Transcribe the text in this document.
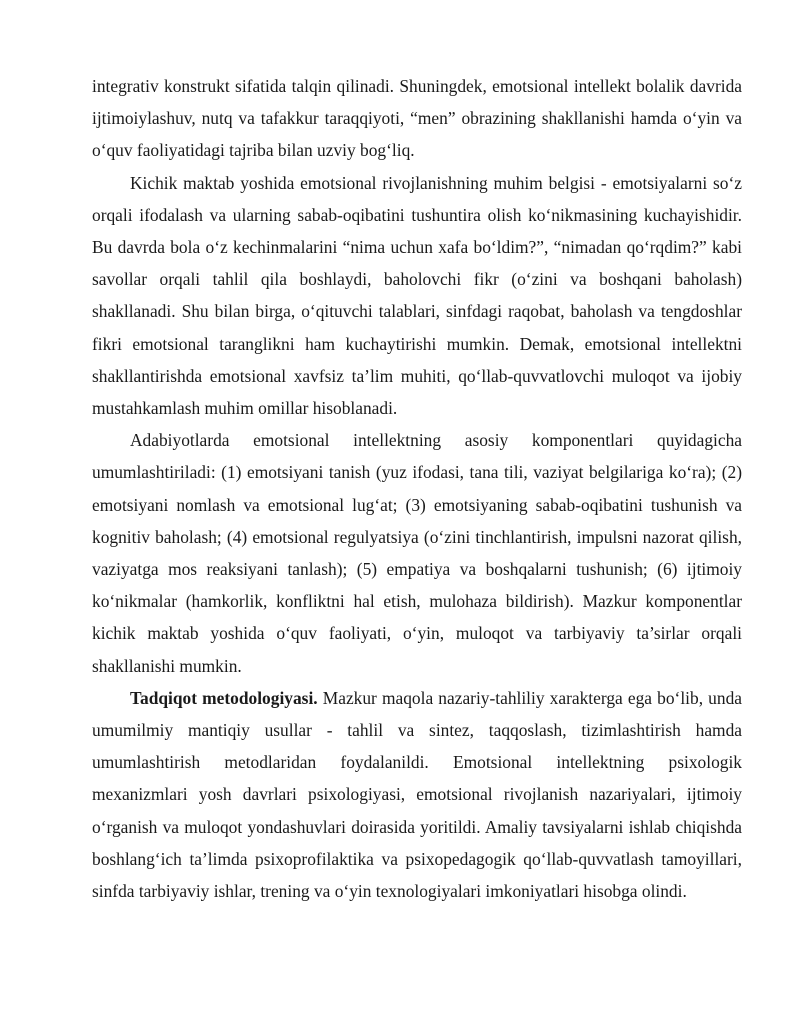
integrativ konstrukt sifatida talqin qilinadi. Shuningdek, emotsional intellekt bolalik davrida ijtimoiylashuv, nutq va tafakkur taraqqiyoti, “men” obrazining shakllanishi hamda oʻyin va oʻquv faoliyatidagi tajriba bilan uzviy bogʻliq.

Kichik maktab yoshida emotsional rivojlanishning muhim belgisi - emotsiyalarni soʻz orqali ifodalash va ularning sabab-oqibatini tushuntira olish koʻnikmasining kuchayishidir. Bu davrda bola oʻz kechinmalarini “nima uchun xafa boʻldim?”, “nimadan qoʻrqdim?” kabi savollar orqali tahlil qila boshlaydi, baholovchi fikr (oʻzini va boshqani baholash) shakllanadi. Shu bilan birga, oʻqituvchi talablari, sinfdagi raqobat, baholash va tengdoshlar fikri emotsional taranglikni ham kuchaytirishi mumkin. Demak, emotsional intellektni shakllantirishda emotsional xavfsiz ta’lim muhiti, qoʻllab-quvvatlovchi muloqot va ijobiy mustahkamlash muhim omillar hisoblanadi.

Adabiyotlarda emotsional intellektning asosiy komponentlari quyidagicha umumlashtiriladi: (1) emotsiyani tanish (yuz ifodasi, tana tili, vaziyat belgilariga koʻra); (2) emotsiyani nomlash va emotsional lugʻat; (3) emotsiyaning sabab-oqibatini tushunish va kognitiv baholash; (4) emotsional regulyatsiya (oʻzini tinchlantirish, impulsni nazorat qilish, vaziyatga mos reaksiyani tanlash); (5) empatiya va boshqalarni tushunish; (6) ijtimoiy koʻnikmalar (hamkorlik, konfliktni hal etish, mulohaza bildirish). Mazkur komponentlar kichik maktab yoshida oʻquv faoliyati, oʻyin, muloqot va tarbiyaviy ta’sirlar orqali shakllanishi mumkin.

Tadqiqot metodologiyasi. Mazkur maqola nazariy-tahliliy xarakterga ega boʻlib, unda umumilmiy mantiqiy usullar - tahlil va sintez, taqqoslash, tizimlashtirish hamda umumlashtirish metodlaridan foydalanildi. Emotsional intellektning psixologik mexanizmlari yosh davrlari psixologiyasi, emotsional rivojlanish nazariyalari, ijtimoiy oʻrganish va muloqot yondashuvlari doirasida yoritildi. Amaliy tavsiyalarni ishlab chiqishda boshlangʻich ta’limda psixoprofilaktika va psixopedagogik qoʻllab-quvvatlash tamoyillari, sinfda tarbiyaviy ishlar, trening va oʻyin texnologiyalari imkoniyatlari hisobga olindi.
